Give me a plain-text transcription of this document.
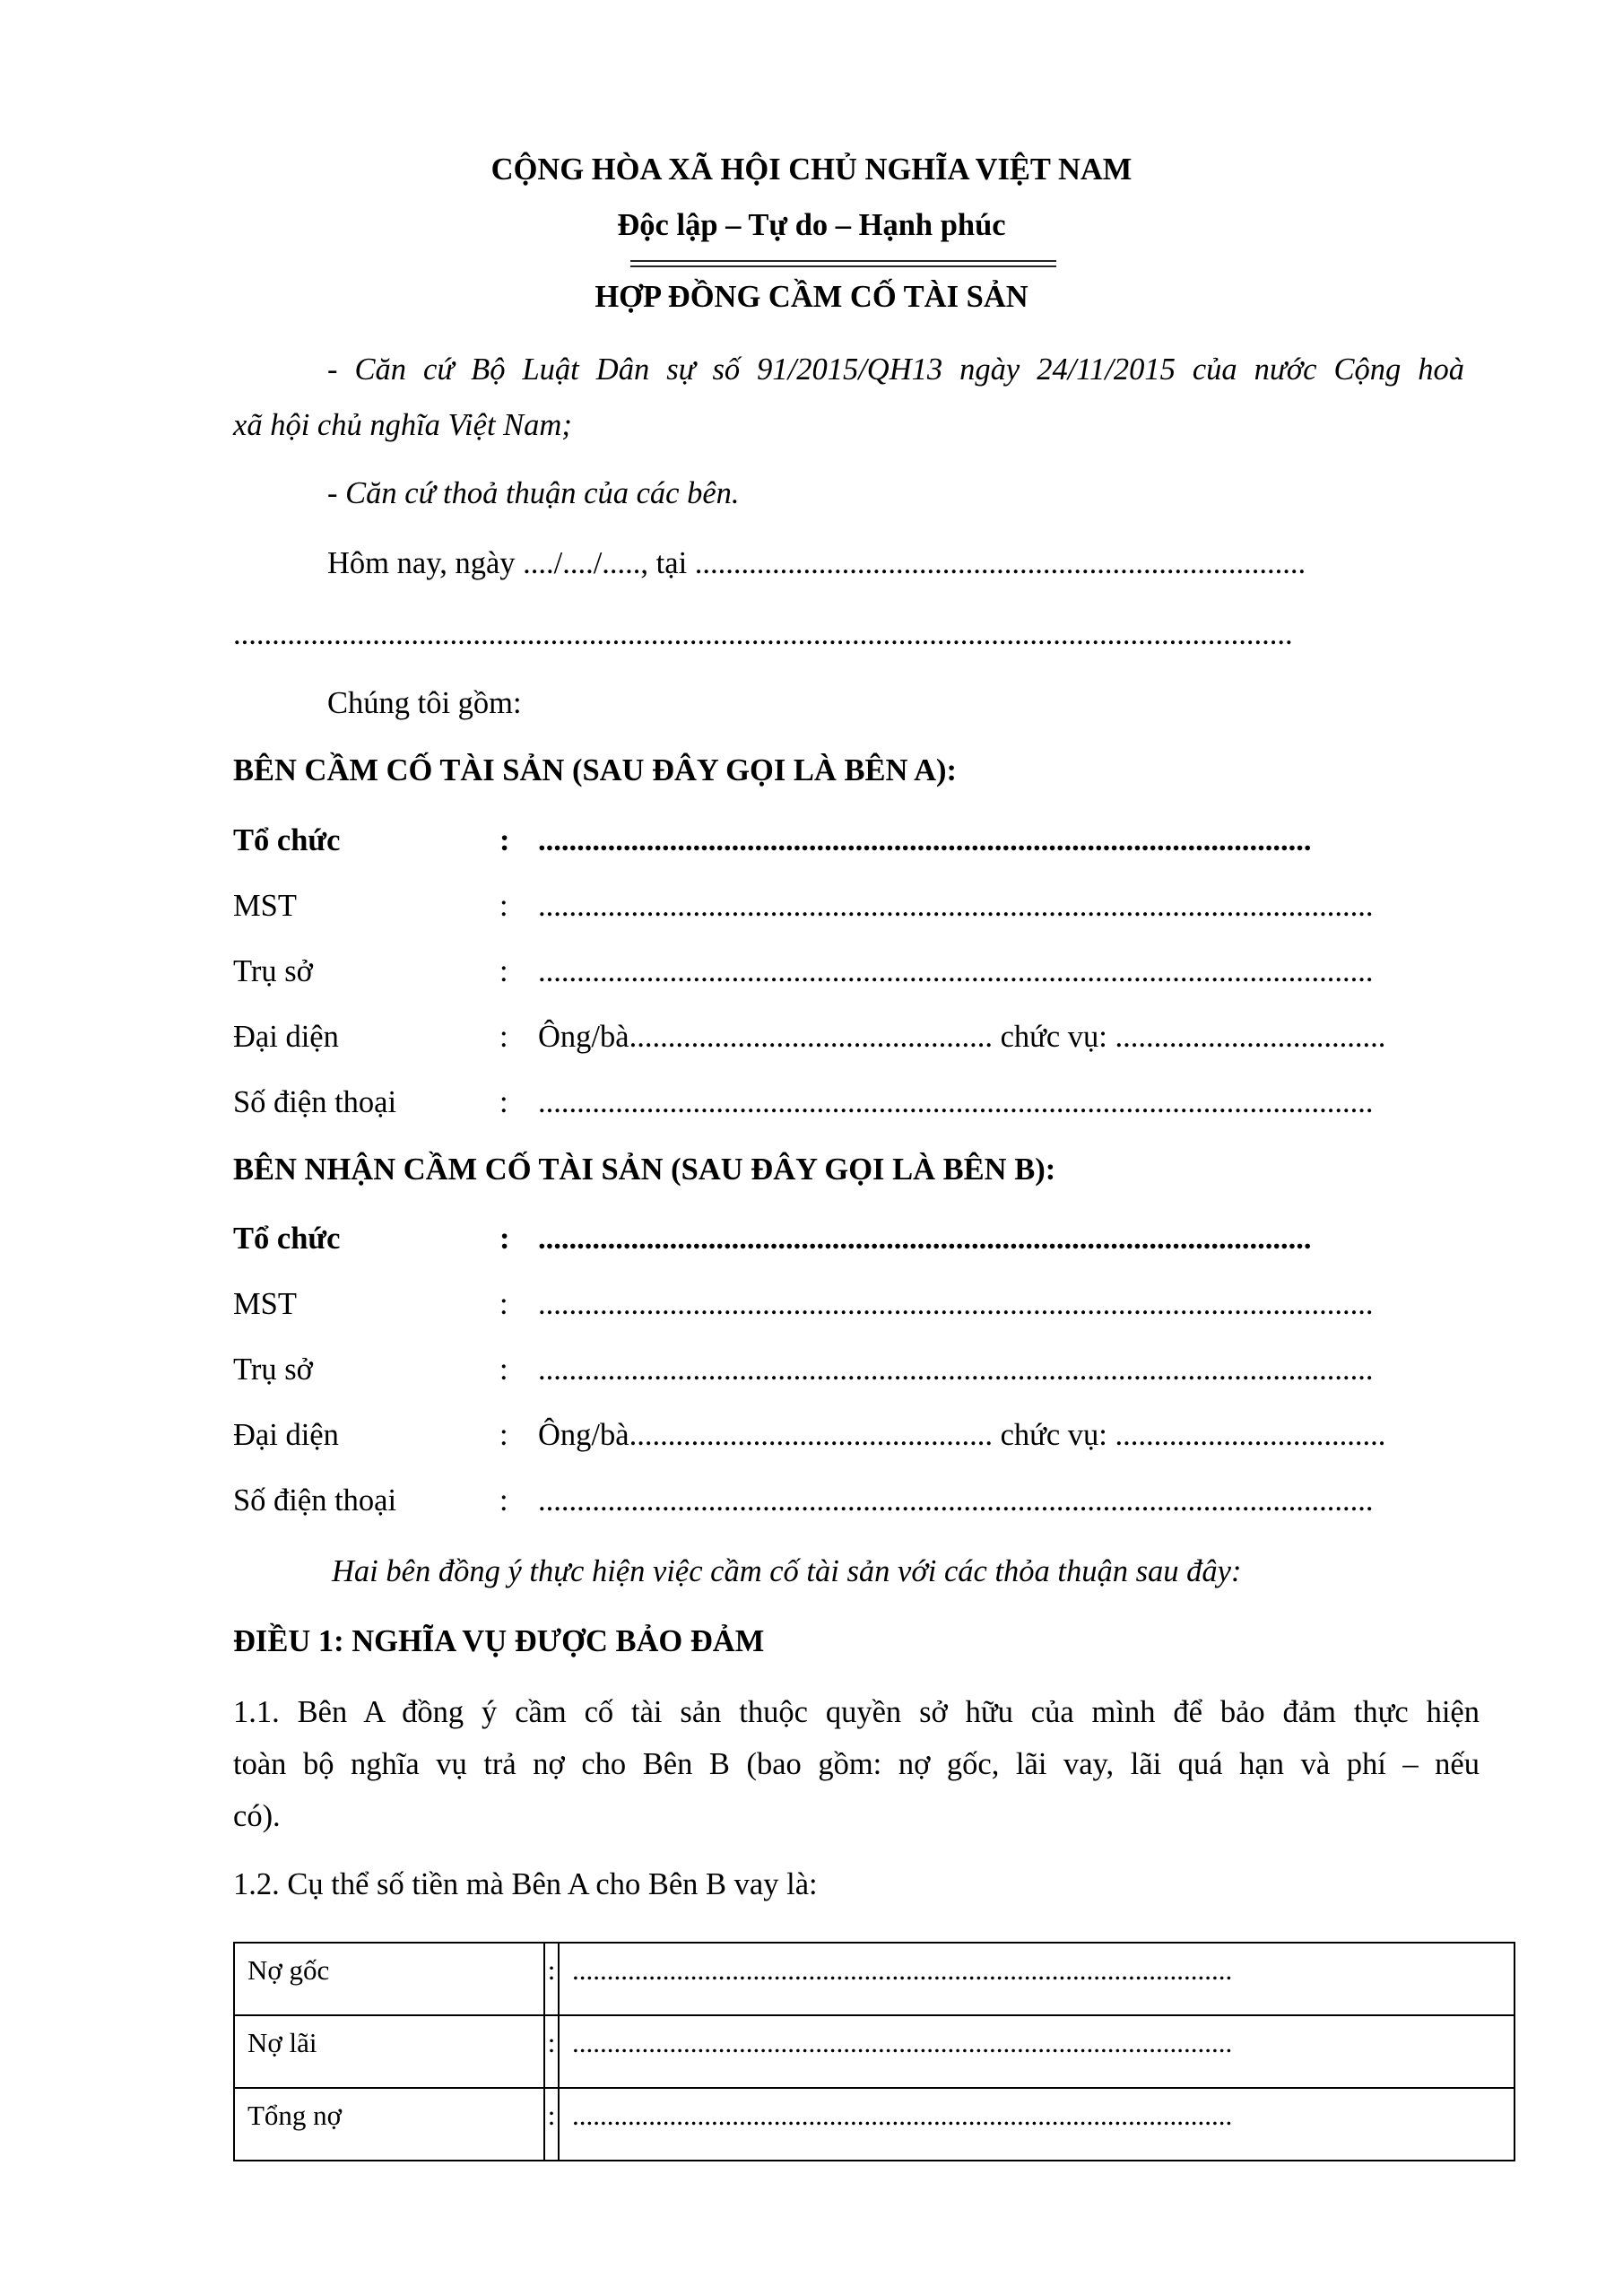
CỘNG HÒA XÃ HỘI CHỦ NGHĨA VIỆT NAM
Độc lập – Tự do – Hạnh phúc
HỢP ĐỒNG CẦM CỐ TÀI SẢN
- Căn cứ Bộ Luật Dân sự số 91/2015/QH13 ngày 24/11/2015 của nước Cộng hoà
xã hội chủ nghĩa Việt Nam;
- Căn cứ thoả thuận của các bên.
Hôm nay, ngày ..../..../....., tại ...............................................................................
.........................................................................................................................................
Chúng tôi gồm:
BÊN CẦM CỐ TÀI SẢN (SAU ĐÂY GỌI LÀ BÊN A):
Tổ chức	: ....................................................................................................
MST	: ............................................................................................................
Trụ sở	: ............................................................................................................
Đại diện	: Ông/bà............................................... chức vụ: ...................................
Số điện thoại	: ............................................................................................................
BÊN NHẬN CẦM CỐ TÀI SẢN (SAU ĐÂY GỌI LÀ BÊN B):
Tổ chức	: ....................................................................................................
MST	: ............................................................................................................
Trụ sở	: ............................................................................................................
Đại diện	: Ông/bà............................................... chức vụ: ...................................
Số điện thoại	: ............................................................................................................
Hai bên đồng ý thực hiện việc cầm cố tài sản với các thỏa thuận sau đây:
ĐIỀU 1: NGHĨA VỤ ĐƯỢC BẢO ĐẢM
1.1. Bên A đồng ý cầm cố tài sản thuộc quyền sở hữu của mình để bảo đảm thực hiện
toàn bộ nghĩa vụ trả nợ cho Bên B (bao gồm: nợ gốc, lãi vay, lãi quá hạn và phí – nếu
có).
1.2. Cụ thể số tiền mà Bên A cho Bên B vay là:
Nợ gốc	:	...............................................................................................
Nợ lãi	:	...............................................................................................
Tổng nợ	:	...............................................................................................
